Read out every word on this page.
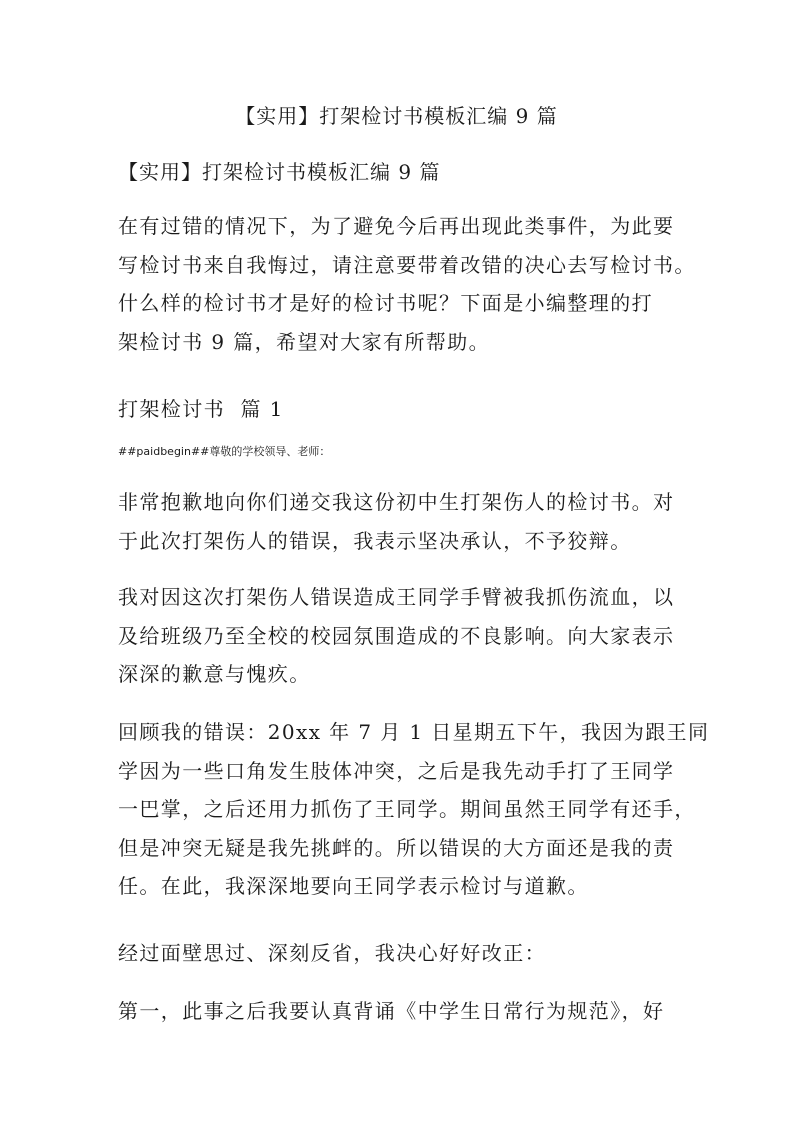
【实用】打架检讨书模板汇编 9 篇
【实用】打架检讨书模板汇编 9 篇
在有过错的情况下，为了避免今后再出现此类事件，为此要
写检讨书来自我悔过，请注意要带着改错的决心去写检讨书。
什么样的检讨书才是好的检讨书呢？下面是小编整理的打
架检讨书 9 篇，希望对大家有所帮助。
打架检讨书  篇 1
##paidbegin##尊敬的学校领导、老师：
非常抱歉地向你们递交我这份初中生打架伤人的检讨书。对
于此次打架伤人的错误，我表示坚决承认，不予狡辩。
我对因这次打架伤人错误造成王同学手臂被我抓伤流血，以
及给班级乃至全校的校园氛围造成的不良影响。向大家表示
深深的歉意与愧疚。
回顾我的错误：20xx 年 7 月 1 日星期五下午，我因为跟王同
学因为一些口角发生肢体冲突，之后是我先动手打了王同学
一巴掌，之后还用力抓伤了王同学。期间虽然王同学有还手，
但是冲突无疑是我先挑衅的。所以错误的大方面还是我的责
任。在此，我深深地要向王同学表示检讨与道歉。
经过面壁思过、深刻反省，我决心好好改正：
第一，此事之后我要认真背诵《中学生日常行为规范》，好
